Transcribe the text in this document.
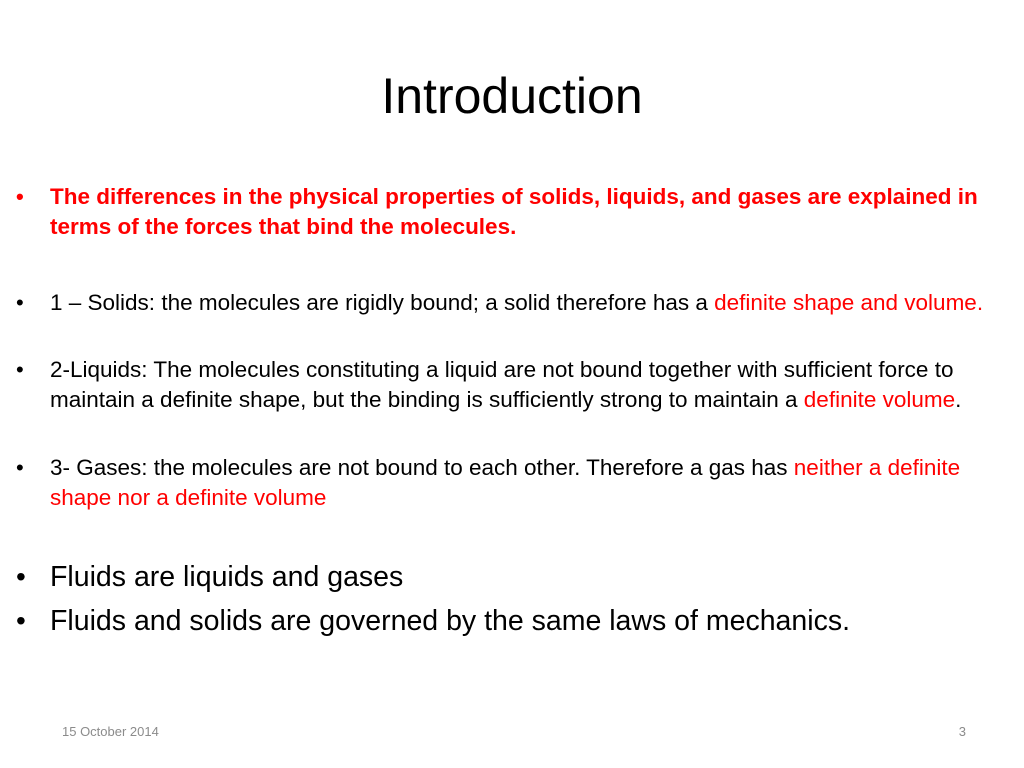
Introduction
• The differences in the physical properties of solids, liquids, and gases are explained in terms of the forces that bind the molecules.
• 1 – Solids: the molecules are rigidly bound; a solid therefore has a definite shape and volume.
• 2-Liquids: The molecules constituting a liquid are not bound together with sufficient force to maintain a definite shape, but the binding is sufficiently strong to maintain a definite volume.
• 3- Gases: the molecules are not bound to each other. Therefore a gas has neither a definite shape nor a definite volume
• Fluids are liquids and gases
• Fluids and solids are governed by the same laws of mechanics.
15 October 2014	3
